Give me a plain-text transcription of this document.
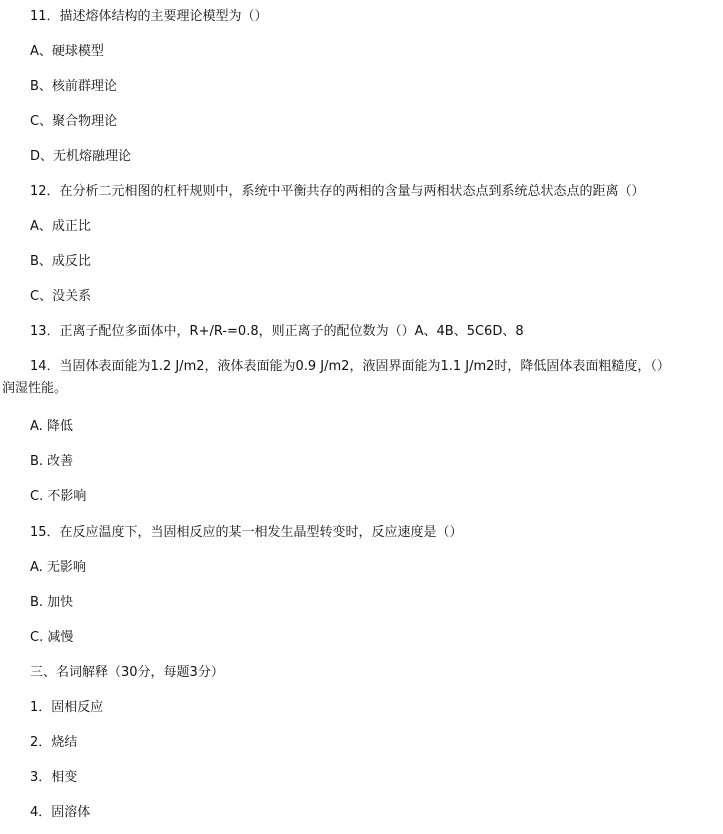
11．描述熔体结构的主要理论模型为（）
A、硬球模型
B、核前群理论
C、聚合物理论
D、无机熔融理论
12．在分析二元相图的杠杆规则中，系统中平衡共存的两相的含量与两相状态点到系统总状态点的距离（）
A、成正比
B、成反比
C、没关系
13．正离子配位多面体中，R+/R-=0.8，则正离子的配位数为（）A、4B、5C6D、8
14．当固体表面能为1.2 J/m2，液体表面能为0.9 J/m2，液固界面能为1.1 J/m2时，降低固体表面粗糙度，（）
润湿性能。
A. 降低
B. 改善
C. 不影响
15．在反应温度下，当固相反应的某一相发生晶型转变时，反应速度是（）
A. 无影响
B. 加快
C. 减慢
三、名词解释（30分，每题3分）
1．固相反应
2．烧结
3．相变
4．固溶体
